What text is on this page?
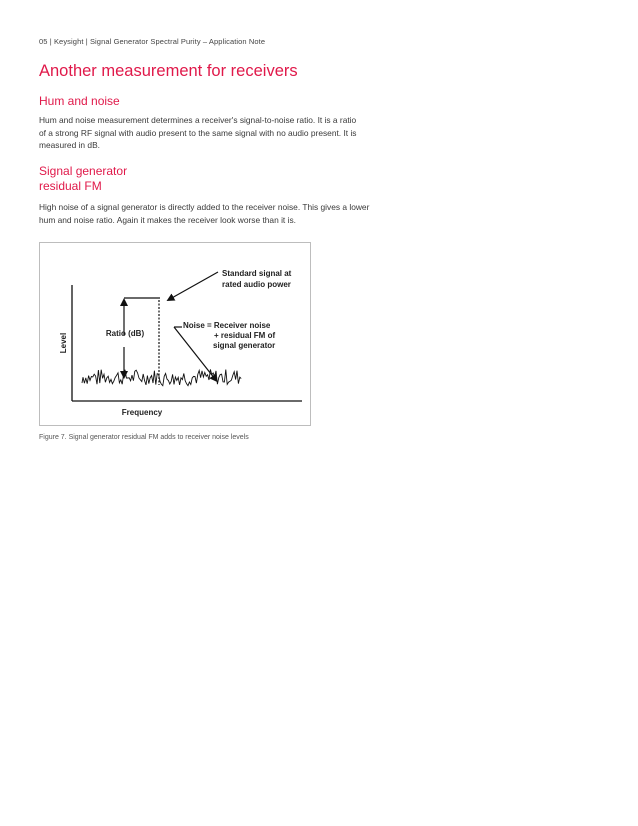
05 | Keysight | Signal Generator Spectral Purity – Application Note
Another measurement for receivers
Hum and noise

Hum and noise measurement determines a receiver's signal-to-noise ratio. It is a ratio
of a strong RF signal with audio present to the same signal with no audio present. It is
measured in dB.

Signal generator
residual FM

High noise of a signal generator is directly added to the receiver noise. This gives a lower
hum and noise ratio. Again it makes the receiver look worse than it is.

Level
Frequency
Ratio (dB)
Standard signal at
rated audio power
Noise = Receiver noise
+ residual FM of
signal generator
Figure 7. Signal generator residual FM adds to receiver noise levels
